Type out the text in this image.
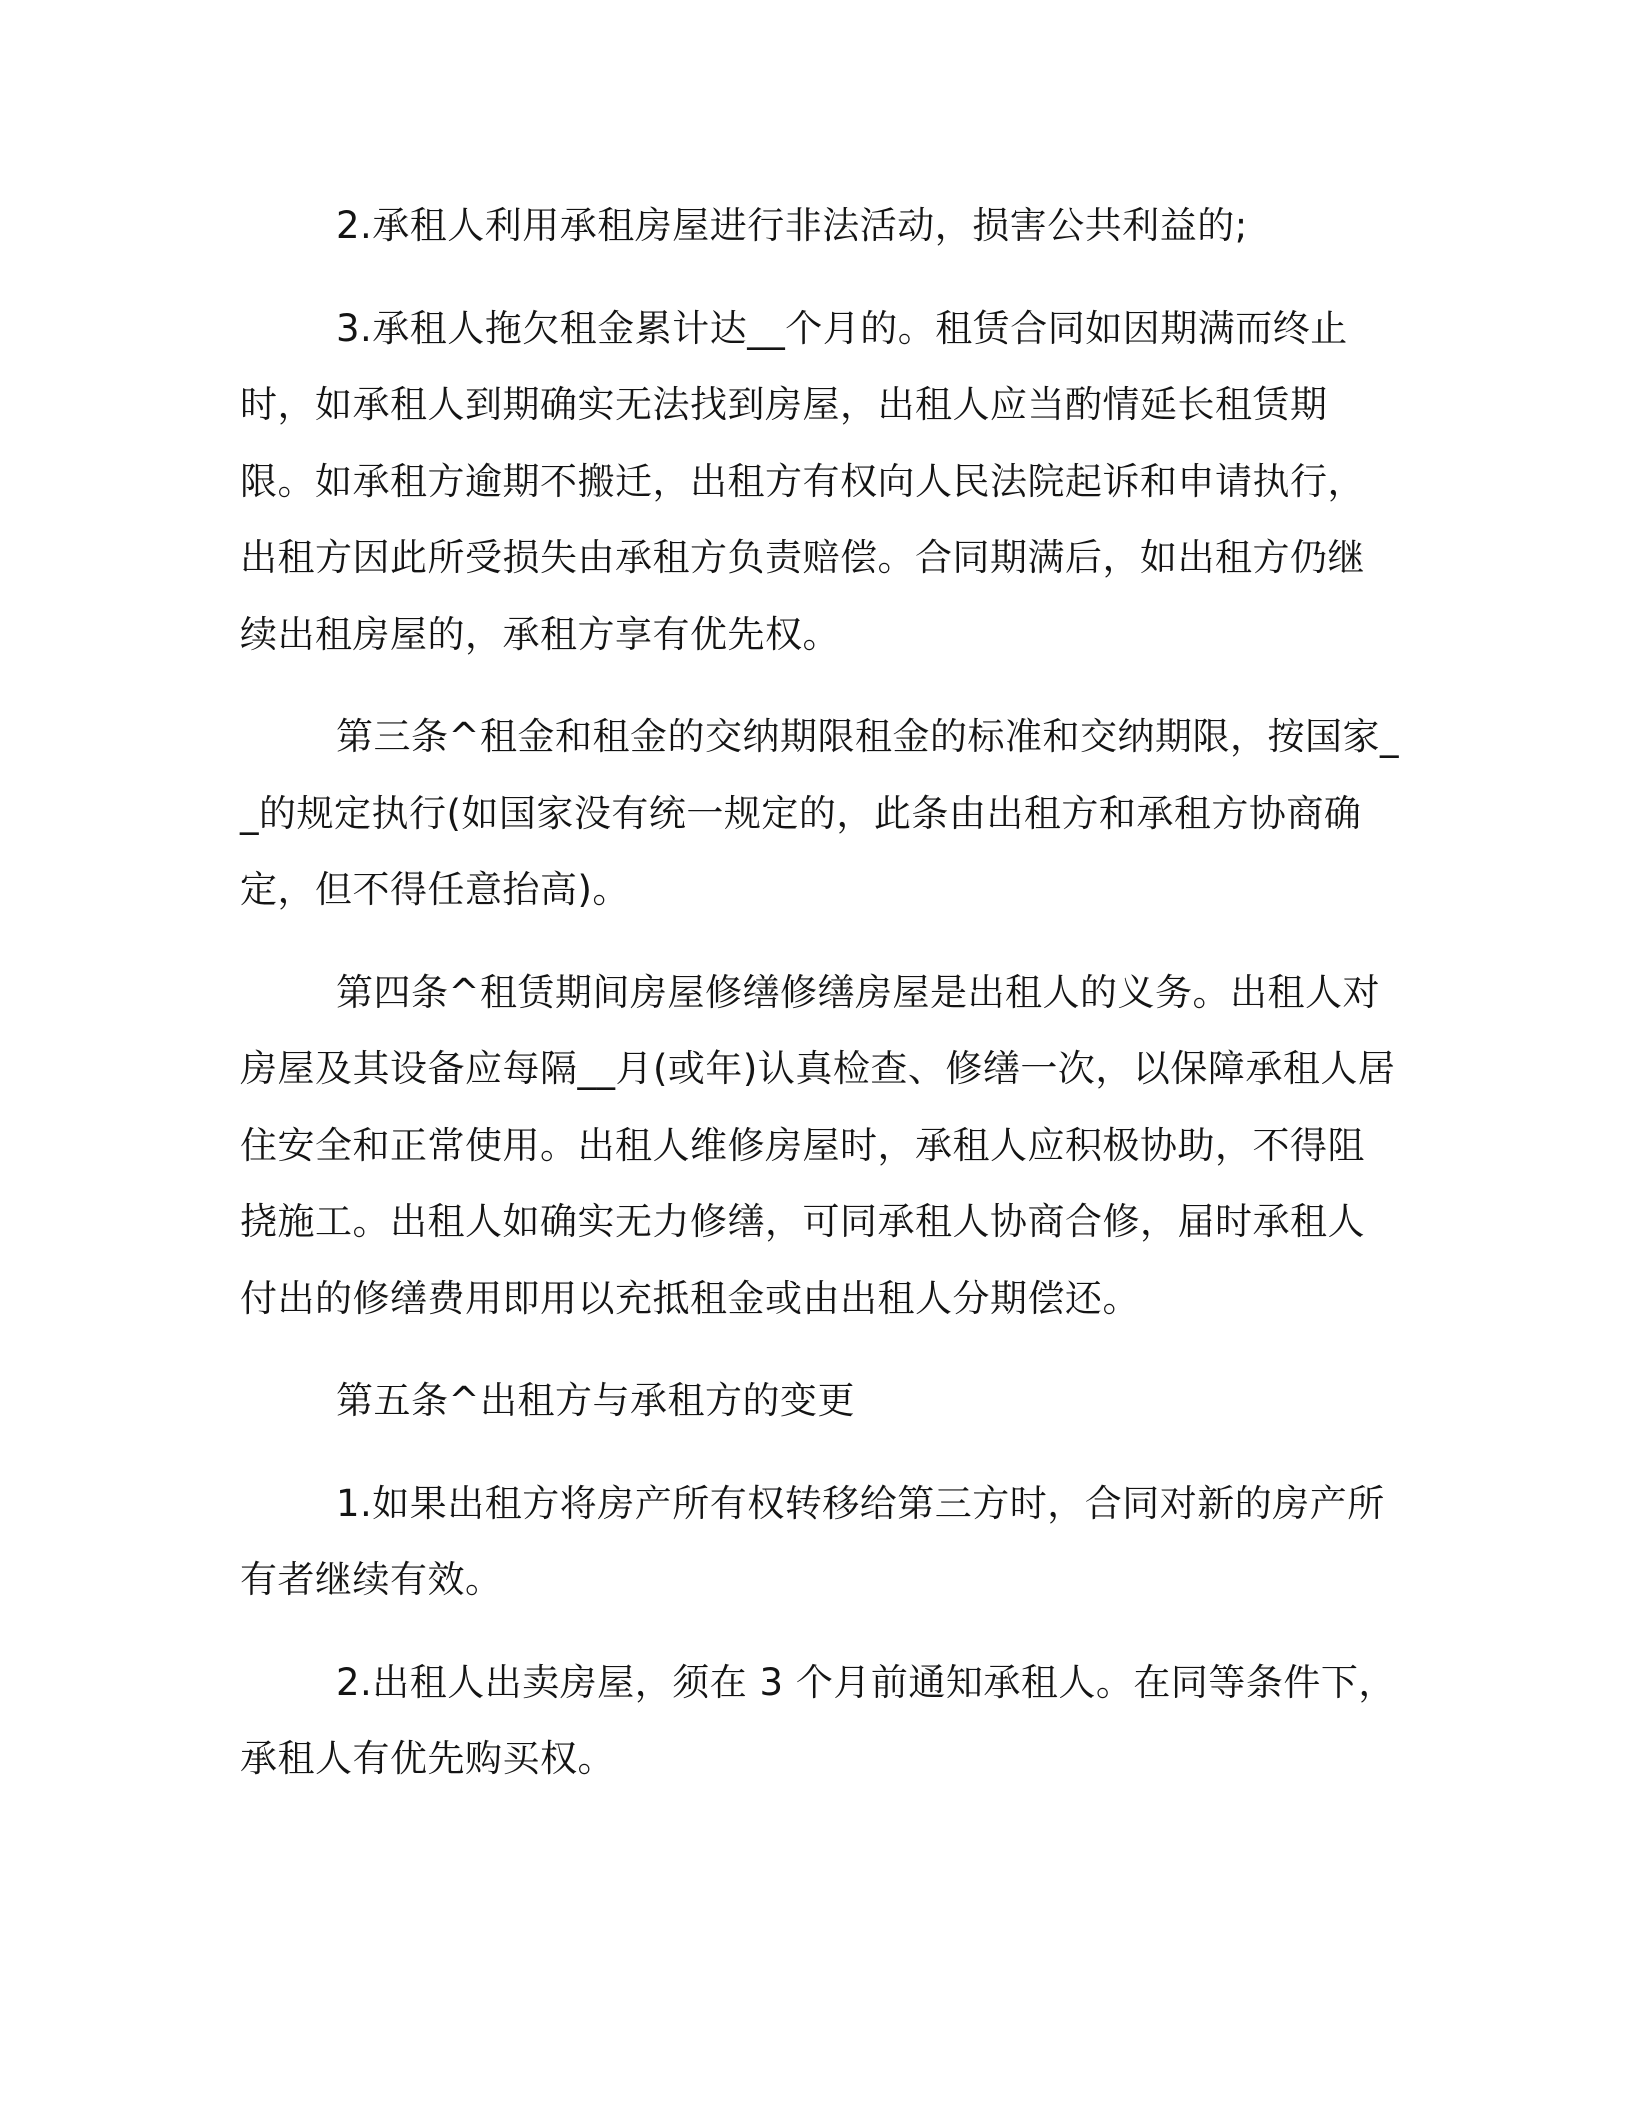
2.承租人利用承租房屋进行非法活动，损害公共利益的;

3.承租人拖欠租金累计达__个月的。租赁合同如因期满而终止时，如承租人到期确实无法找到房屋，出租人应当酌情延长租赁期限。如承租方逾期不搬迁，出租方有权向人民法院起诉和申请执行，出租方因此所受损失由承租方负责赔偿。合同期满后，如出租方仍继续出租房屋的，承租方享有优先权。

第三条^租金和租金的交纳期限租金的标准和交纳期限，按国家__的规定执行(如国家没有统一规定的，此条由出租方和承租方协商确定，但不得任意抬高)。

第四条^租赁期间房屋修缮修缮房屋是出租人的义务。出租人对房屋及其设备应每隔__月(或年)认真检查、修缮一次，以保障承租人居住安全和正常使用。出租人维修房屋时，承租人应积极协助，不得阻挠施工。出租人如确实无力修缮，可同承租人协商合修，届时承租人付出的修缮费用即用以充抵租金或由出租人分期偿还。

第五条^出租方与承租方的变更

1.如果出租方将房产所有权转移给第三方时，合同对新的房产所有者继续有效。

2.出租人出卖房屋，须在 3 个月前通知承租人。在同等条件下，承租人有优先购买权。
